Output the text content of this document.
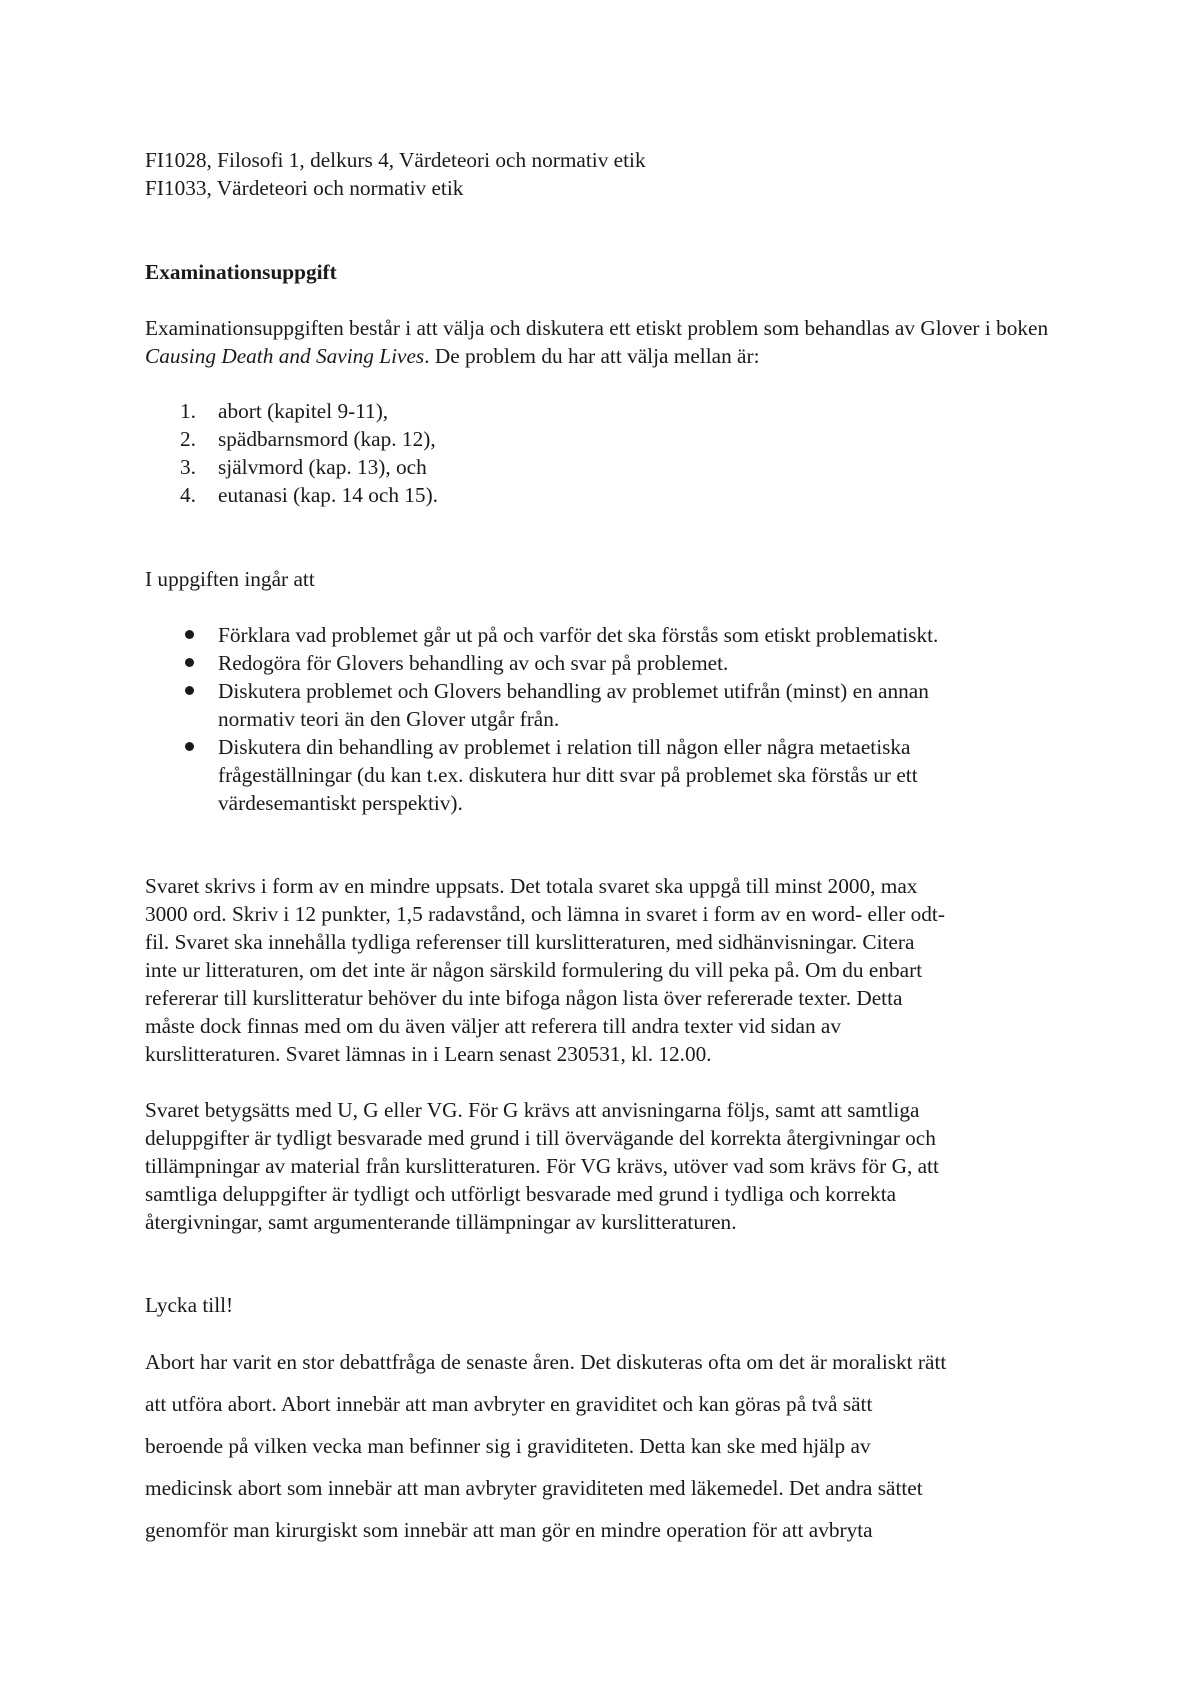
FI1028, Filosofi 1, delkurs 4, Värdeteori och normativ etik
FI1033, Värdeteori och normativ etik
Examinationsuppgift
Examinationsuppgiften består i att välja och diskutera ett etiskt problem som behandlas av Glover i boken
Causing Death and Saving Lives. De problem du har att välja mellan är:
1.	abort (kapitel 9-11),
2.	spädbarnsmord (kap. 12),
3.	självmord (kap. 13), och
4.	eutanasi (kap. 14 och 15).
I uppgiften ingår att
Förklara vad problemet går ut på och varför det ska förstås som etiskt problematiskt.
Redogöra för Glovers behandling av och svar på problemet.
Diskutera problemet och Glovers behandling av problemet utifrån (minst) en annan
normativ teori än den Glover utgår från.
Diskutera din behandling av problemet i relation till någon eller några metaetiska
frågeställningar (du kan t.ex. diskutera hur ditt svar på problemet ska förstås ur ett
värdesemantiskt perspektiv).
Svaret skrivs i form av en mindre uppsats. Det totala svaret ska uppgå till minst 2000, max
3000 ord. Skriv i 12 punkter, 1,5 radavstånd, och lämna in svaret i form av en word- eller odt-
fil. Svaret ska innehålla tydliga referenser till kurslitteraturen, med sidhänvisningar. Citera
inte ur litteraturen, om det inte är någon särskild formulering du vill peka på. Om du enbart
refererar till kurslitteratur behöver du inte bifoga någon lista över refererade texter. Detta
måste dock finnas med om du även väljer att referera till andra texter vid sidan av
kurslitteraturen. Svaret lämnas in i Learn senast 230531, kl. 12.00.
Svaret betygsätts med U, G eller VG. För G krävs att anvisningarna följs, samt att samtliga
deluppgifter är tydligt besvarade med grund i till övervägande del korrekta återgivningar och
tillämpningar av material från kurslitteraturen. För VG krävs, utöver vad som krävs för G, att
samtliga deluppgifter är tydligt och utförligt besvarade med grund i tydliga och korrekta
återgivningar, samt argumenterande tillämpningar av kurslitteraturen.
Lycka till!
Abort har varit en stor debattfråga de senaste åren. Det diskuteras ofta om det är moraliskt rätt
att utföra abort. Abort innebär att man avbryter en graviditet och kan göras på två sätt
beroende på vilken vecka man befinner sig i graviditeten. Detta kan ske med hjälp av
medicinsk abort som innebär att man avbryter graviditeten med läkemedel. Det andra sättet
genomför man kirurgiskt som innebär att man gör en mindre operation för att avbryta
